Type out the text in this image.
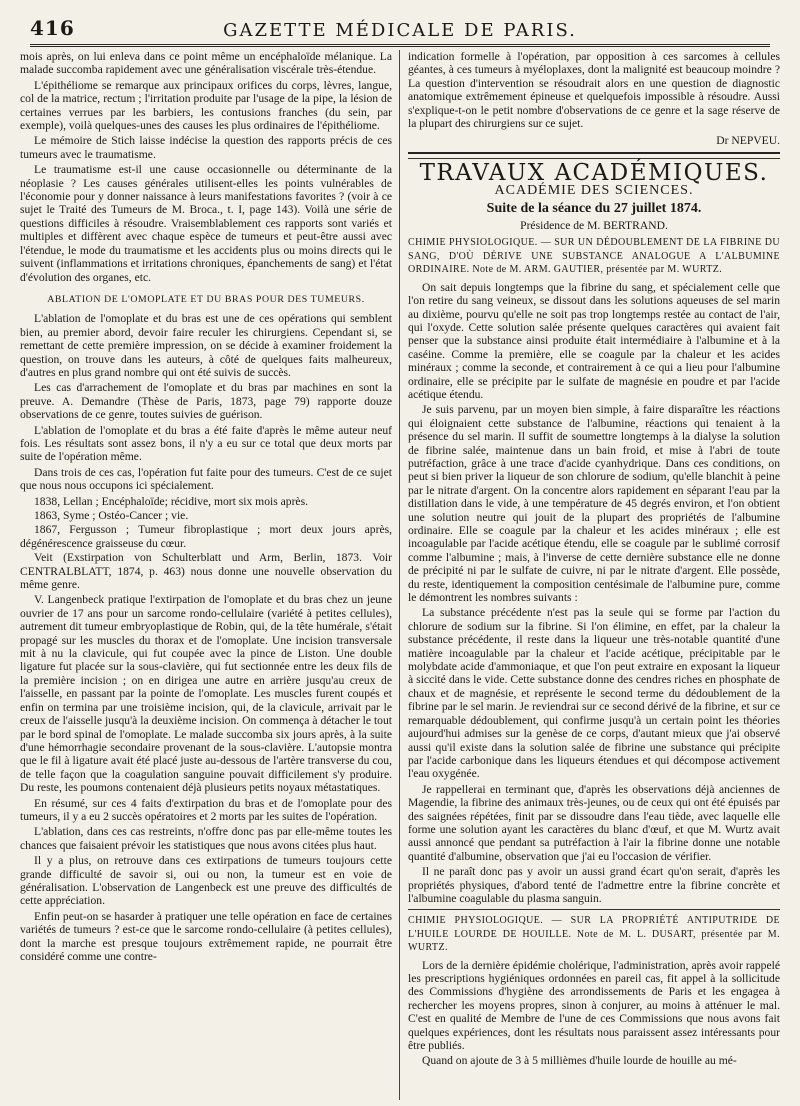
416	GAZETTE MÉDICALE DE PARIS.

mois après, on lui enleva dans ce point même un encéphaloïde mélanique. La malade succomba rapidement avec une généralisation viscérale très-étendue.

L'épithéliome se remarque aux principaux orifices du corps, lèvres, langue, col de la matrice, rectum ; l'irritation produite par l'usage de la pipe, la lésion de certaines verrues par les barbiers, les contusions franches (du sein, par exemple), voilà quelques-unes des causes les plus ordinaires de l'épithéliome.

Le mémoire de Stich laisse indécise la question des rapports précis de ces tumeurs avec le traumatisme.

Le traumatisme est-il une cause occasionnelle ou déterminante de la néoplasie ? Les causes générales utilisent-elles les points vulnérables de l'économie pour y donner naissance à leurs manifestations favorites ? (voir à ce sujet le Traité des Tumeurs de M. Broca., t. I, page 143). Voilà une série de questions difficiles à résoudre. Vraisemblablement ces rapports sont variés et multiples et diffèrent avec chaque espèce de tumeurs et peut-être aussi avec l'étendue, le mode du traumatisme et les accidents plus ou moins directs qui le suivent (inflammations et irritations chroniques, épanchements de sang) et l'état d'évolution des organes, etc.

ABLATION DE L'OMOPLATE ET DU BRAS POUR DES TUMEURS.

L'ablation de l'omoplate et du bras est une de ces opérations qui semblent bien, au premier abord, devoir faire reculer les chirurgiens. Cependant si, se remettant de cette première impression, on se décide à examiner froidement la question, on trouve dans les auteurs, à côté de quelques faits malheureux, d'autres en plus grand nombre qui ont été suivis de succès.

Les cas d'arrachement de l'omoplate et du bras par machines en sont la preuve. A. Demandre (Thèse de Paris, 1873, page 79) rapporte douze observations de ce genre, toutes suivies de guérison.

L'ablation de l'omoplate et du bras a été faite d'après le même auteur neuf fois. Les résultats sont assez bons, il n'y a eu sur ce total que deux morts par suite de l'opération même.

Dans trois de ces cas, l'opération fut faite pour des tumeurs. C'est de ce sujet que nous nous occupons ici spécialement.

1838, Lellan ; Encéphaloïde; récidive, mort six mois après.
1863, Syme ; Ostéo-Cancer ; vie.
1867, Fergusson ; Tumeur fibroplastique ; mort deux jours après, dégénérescence graisseuse du cœur.

Veit (Exstirpation von Schulterblatt und Arm, Berlin, 1873. Voir CENTRALBLATT, 1874, p. 463) nous donne une nouvelle observation du même genre.

V. Langenbeck pratique l'extirpation de l'omoplate et du bras chez un jeune ouvrier de 17 ans pour un sarcome rondo-cellulaire (variété à petites cellules), autrement dit tumeur embryoplastique de Robin, qui, de la tête humérale, s'était propagé sur les muscles du thorax et de l'omoplate. Une incision transversale mit à nu la clavicule, qui fut coupée avec la pince de Liston. Une double ligature fut placée sur la sous-clavière, qui fut sectionnée entre les deux fils de la première incision ; on en dirigea une autre en arrière jusqu'au creux de l'aisselle, en passant par la pointe de l'omoplate. Les muscles furent coupés et enfin on termina par une troisième incision, qui, de la clavicule, arrivait par le creux de l'aisselle jusqu'à la deuxième incision. On commença à détacher le tout par le bord spinal de l'omoplate. Le malade succomba six jours après, à la suite d'une hémorrhagie secondaire provenant de la sous-clavière. L'autopsie montra que le fil à ligature avait été placé juste au-dessous de l'artère transverse du cou, de telle façon que la coagulation sanguine pouvait difficilement s'y produire. Du reste, les poumons contenaient déjà plusieurs petits noyaux métastatiques.

En résumé, sur ces 4 faits d'extirpation du bras et de l'omoplate pour des tumeurs, il y a eu 2 succès opératoires et 2 morts par les suites de l'opération.

L'ablation, dans ces cas restreints, n'offre donc pas par elle-même toutes les chances que faisaient prévoir les statistiques que nous avons citées plus haut.

Il y a plus, on retrouve dans ces extirpations de tumeurs toujours cette grande difficulté de savoir si, oui ou non, la tumeur est en voie de généralisation. L'observation de Langenbeck est une preuve des difficultés de cette appréciation.

Enfin peut-on se hasarder à pratiquer une telle opération en face de certaines variétés de tumeurs ? est-ce que le sarcome rondo-cellulaire (à petites cellules), dont la marche est presque toujours extrêmement rapide, ne pourrait être considéré comme une contre-

indication formelle à l'opération, par opposition à ces sarcomes à cellules géantes, à ces tumeurs à myéloplaxes, dont la malignité est beaucoup moindre ? La question d'intervention se résoudrait alors en une question de diagnostic anatomique extrêmement épineuse et quelquefois impossible à résoudre. Aussi s'explique-t-on le petit nombre d'observations de ce genre et la sage réserve de la plupart des chirurgiens sur ce sujet.

Dr NEPVEU.

TRAVAUX ACADÉMIQUES.
ACADÉMIE DES SCIENCES.
Suite de la séance du 27 juillet 1874.
Présidence de M. BERTRAND.
CHIMIE PHYSIOLOGIQUE. — SUR UN DÉDOUBLEMENT DE LA FIBRINE DU SANG, D'OÙ DÉRIVE UNE SUBSTANCE ANALOGUE A L'ALBUMINE ORDINAIRE. Note de M. ARM. GAUTIER, présentée par M. WURTZ.

On sait depuis longtemps que la fibrine du sang, et spécialement celle que l'on retire du sang veineux, se dissout dans les solutions aqueuses de sel marin au dixième, pourvu qu'elle ne soit pas trop longtemps restée au contact de l'air, qui l'oxyde. Cette solution salée présente quelques caractères qui avaient fait penser que la substance ainsi produite était intermédiaire à l'albumine et à la caséine. Comme la première, elle se coagule par la chaleur et les acides minéraux ; comme la seconde, et contrairement à ce qui a lieu pour l'albumine ordinaire, elle se précipite par le sulfate de magnésie en poudre et par l'acide acétique étendu.

Je suis parvenu, par un moyen bien simple, à faire disparaître les réactions qui éloignaient cette substance de l'albumine, réactions qui tenaient à la présence du sel marin. Il suffit de soumettre longtemps à la dialyse la solution de fibrine salée, maintenue dans un bain froid, et mise à l'abri de toute putréfaction, grâce à une trace d'acide cyanhydrique. Dans ces conditions, on peut si bien priver la liqueur de son chlorure de sodium, qu'elle blanchit à peine par le nitrate d'argent. On la concentre alors rapidement en séparant l'eau par la distillation dans le vide, à une température de 45 degrés environ, et l'on obtient une solution neutre qui jouit de la plupart des propriétés de l'albumine ordinaire. Elle se coagule par la chaleur et les acides minéraux ; elle est incoagulable par l'acide acétique étendu, elle se coagule par le sublimé corrosif comme l'albumine ; mais, à l'inverse de cette dernière substance elle ne donne de précipité ni par le sulfate de cuivre, ni par le nitrate d'argent. Elle possède, du reste, identiquement la composition centésimale de l'albumine pure, comme le démontrent les nombres suivants :

La substance précédente n'est pas la seule qui se forme par l'action du chlorure de sodium sur la fibrine. Si l'on élimine, en effet, par la chaleur la substance précédente, il reste dans la liqueur une très-notable quantité d'une matière incoagulable par la chaleur et l'acide acétique, précipitable par le molybdate acide d'ammoniaque, et que l'on peut extraire en exposant la liqueur à siccité dans le vide. Cette substance donne des cendres riches en phosphate de chaux et de magnésie, et représente le second terme du dédoublement de la fibrine par le sel marin. Je reviendrai sur ce second dérivé de la fibrine, et sur ce remarquable dédoublement, qui confirme jusqu'à un certain point les théories aujourd'hui admises sur la genèse de ce corps, d'autant mieux que j'ai observé aussi qu'il existe dans la solution salée de fibrine une substance qui précipite par l'acide carbonique dans les liqueurs étendues et qui décompose activement l'eau oxygénée.

Je rappellerai en terminant que, d'après les observations déjà anciennes de Magendie, la fibrine des animaux très-jeunes, ou de ceux qui ont été épuisés par des saignées répétées, finit par se dissoudre dans l'eau tiède, avec laquelle elle forme une solution ayant les caractères du blanc d'œuf, et que M. Wurtz avait aussi annoncé que pendant sa putréfaction à l'air la fibrine donne une notable quantité d'albumine, observation que j'ai eu l'occasion de vérifier.

Il ne paraît donc pas y avoir un aussi grand écart qu'on serait, d'après les propriétés physiques, d'abord tenté de l'admettre entre la fibrine concrète et l'albumine coagulable du plasma sanguin.

CHIMIE PHYSIOLOGIQUE. — SUR LA PROPRIÉTÉ ANTIPUTRIDE DE L'HUILE LOURDE DE HOUILLE. Note de M. L. DUSART, présentée par M. WURTZ.

Lors de la dernière épidémie cholérique, l'administration, après avoir rappelé les prescriptions hygiéniques ordonnées en pareil cas, fit appel à la sollicitude des Commissions d'hygiène des arrondissements de Paris et les engagea à rechercher les moyens propres, sinon à conjurer, au moins à atténuer le mal. C'est en qualité de Membre de l'une de ces Commissions que nous avons fait quelques expériences, dont les résultats nous paraissent assez intéressants pour être publiés.

Quand on ajoute de 3 à 5 millièmes d'huile lourde de houille au mé-
